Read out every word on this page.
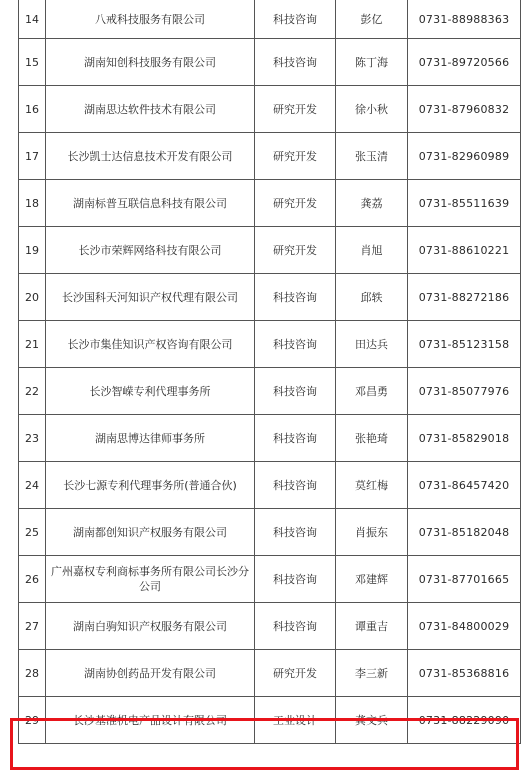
14	八戒科技服务有限公司	科技咨询	彭亿	0731-88988363
15	湖南知创科技服务有限公司	科技咨询	陈丁海	0731-89720566
16	湖南思达软件技术有限公司	研究开发	徐小秋	0731-87960832
17	长沙凯士达信息技术开发有限公司	研究开发	张玉清	0731-82960989
18	湖南标普互联信息科技有限公司	研究开发	龚荔	0731-85511639
19	长沙市荣辉网络科技有限公司	研究开发	肖旭	0731-88610221
20	长沙国科天河知识产权代理有限公司	科技咨询	邱轶	0731-88272186
21	长沙市集佳知识产权咨询有限公司	科技咨询	田达兵	0731-85123158
22	长沙智嵘专利代理事务所	科技咨询	邓昌勇	0731-85077976
23	湖南思博达律师事务所	科技咨询	张艳琦	0731-85829018
24	长沙七源专利代理事务所(普通合伙)	科技咨询	莫红梅	0731-86457420
25	湖南都创知识产权服务有限公司	科技咨询	肖振东	0731-85182048
26	广州嘉权专利商标事务所有限公司长沙分公司	科技咨询	邓建辉	0731-87701665
27	湖南白驹知识产权服务有限公司	科技咨询	谭重吉	0731-84800029
28	湖南协创药品开发有限公司	研究开发	李三新	0731-85368816
29	长沙基准机电产品设计有限公司	工业设计	龚文兵	0731-88229090
